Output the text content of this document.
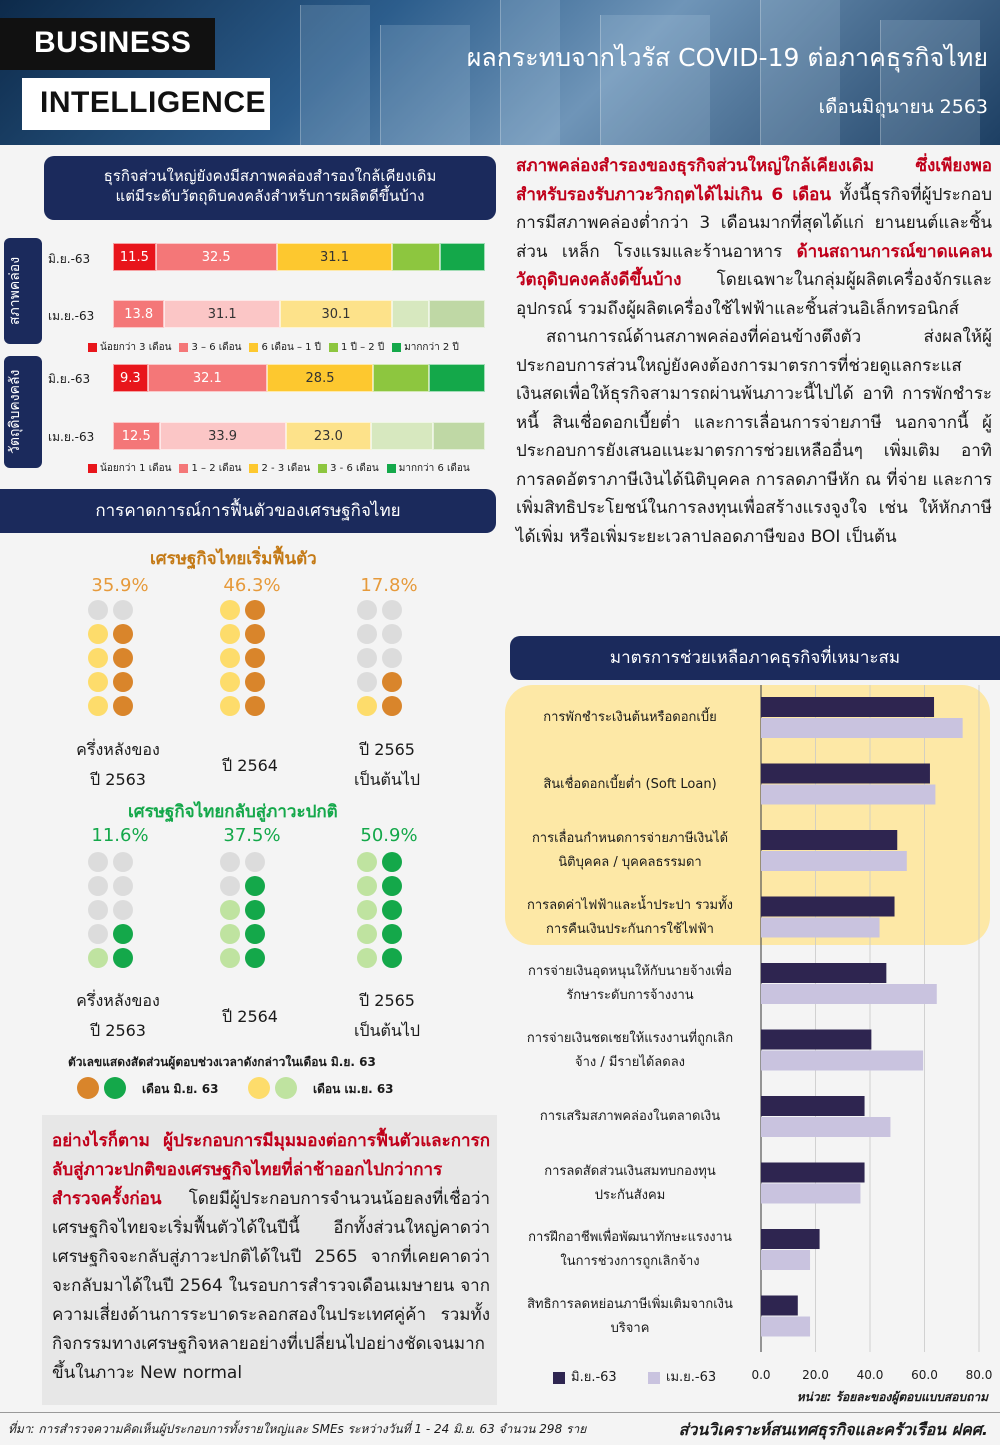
BUSINESS
INTELLIGENCE
ผลกระทบจากไวรัส COVID-19 ต่อภาคธุรกิจไทย
เดือนมิถุนายน 2563
ธุรกิจส่วนใหญ่ยังคงมีสภาพคล่องสำรองใกล้เคียงเดิม
แต่มีระดับวัตถุดิบคงคลังสำหรับการผลิตดีขึ้นบ้าง
สภาพคล่อง
วัตถุดิบคงคลัง
มิ.ย.-63
เม.ย.-63
11.5	32.5	31.1
13.8	31.1	30.1
น้อยกว่า 3 เดือน	3 – 6 เดือน	6 เดือน – 1 ปี	1 ปี – 2 ปี	มากกว่า 2 ปี
มิ.ย.-63
เม.ย.-63
9.3	32.1	28.5
12.5	33.9	23.0
น้อยกว่า 1 เดือน	1 – 2 เดือน	2 - 3 เดือน	3 - 6 เดือน	มากกว่า 6 เดือน
การคาดการณ์การฟื้นตัวของเศรษฐกิจไทย
เศรษฐกิจไทยเริ่มฟื้นตัว
เศรษฐกิจไทยกลับสู่ภาวะปกติ
35.9%
ครึ่งหลังของ
ปี 2563
46.3%
ปี 2564
17.8%
ปี 2565
เป็นต้นไป
11.6%
ครึ่งหลังของ
ปี 2563
37.5%
ปี 2564
50.9%
ปี 2565
เป็นต้นไป
ตัวเลขแสดงสัดส่วนผู้ตอบช่วงเวลาดังกล่าวในเดือน มิ.ย. 63
เดือน มิ.ย. 63	เดือน เม.ย. 63
อย่างไรก็ตาม ผู้ประกอบการมีมุมมองต่อการฟื้นตัวและการกลับสู่ภาวะปกติของเศรษฐกิจไทยที่ล่าช้าออกไปกว่าการสำรวจครั้งก่อน โดยมีผู้ประกอบการจำนวนน้อยลงที่เชื่อว่าเศรษฐกิจไทยจะเริ่มฟื้นตัวได้ในปีนี้ อีกทั้งส่วนใหญ่คาดว่าเศรษฐกิจจะกลับสู่ภาวะปกติได้ในปี 2565 จากที่เคยคาดว่าจะกลับมาได้ในปี 2564 ในรอบการสำรวจเดือนเมษายน จากความเสี่ยงด้านการระบาดระลอกสองในประเทศคู่ค้า รวมทั้งกิจกรรมทางเศรษฐกิจหลายอย่างที่เปลี่ยนไปอย่างชัดเจนมากขึ้นในภาวะ New normal

สภาพคล่องสำรองของธุรกิจส่วนใหญ่ใกล้เคียงเดิม ซึ่งเพียงพอสำหรับรองรับภาวะวิกฤตได้ไม่เกิน 6 เดือน ทั้งนี้ธุรกิจที่ผู้ประกอบการมีสภาพคล่องต่ำกว่า 3 เดือนมากที่สุดได้แก่ ยานยนต์และชิ้นส่วน เหล็ก โรงแรมและร้านอาหาร ด้านสถานการณ์ขาดแคลนวัตถุดิบคงคลังดีขึ้นบ้าง โดยเฉพาะในกลุ่มผู้ผลิตเครื่องจักรและอุปกรณ์ รวมถึงผู้ผลิตเครื่องใช้ไฟฟ้าและชิ้นส่วนอิเล็กทรอนิกส์

สถานการณ์ด้านสภาพคล่องที่ค่อนข้างตึงตัว ส่งผลให้ผู้ประกอบการส่วนใหญ่ยังคงต้องการมาตรการที่ช่วยดูแลกระแสเงินสดเพื่อให้ธุรกิจสามารถผ่านพ้นภาวะนี้ไปได้ อาทิ การพักชำระหนี้ สินเชื่อดอกเบี้ยต่ำ และการเลื่อนการจ่ายภาษี นอกจากนี้ ผู้ประกอบการยังเสนอแนะมาตรการช่วยเหลืออื่นๆ เพิ่มเติม อาทิ การลดอัตราภาษีเงินได้นิติบุคคล การลดภาษีหัก ณ ที่จ่าย และการเพิ่มสิทธิประโยชน์ในการลงทุนเพื่อสร้างแรงจูงใจ เช่น ให้หักภาษีได้เพิ่ม หรือเพิ่มระยะเวลาปลอดภาษีของ BOI เป็นต้น

มาตรการช่วยเหลือภาคธุรกิจที่เหมาะสม
การพักชำระเงินต้นหรือดอกเบี้ย
สินเชื่อดอกเบี้ยต่ำ (Soft Loan)
การเลื่อนกำหนดการจ่ายภาษีเงินได้
นิติบุคคล / บุคคลธรรมดา
การลดค่าไฟฟ้าและน้ำประปา รวมทั้ง
การคืนเงินประกันการใช้ไฟฟ้า
การจ่ายเงินอุดหนุนให้กับนายจ้างเพื่อ
รักษาระดับการจ้างงาน
การจ่ายเงินชดเชยให้แรงงานที่ถูกเลิก
จ้าง / มีรายได้ลดลง
การเสริมสภาพคล่องในตลาดเงิน
การลดสัดส่วนเงินสมทบกองทุน
ประกันสังคม
การฝึกอาชีพเพื่อพัฒนาทักษะแรงงาน
ในการช่วงการถูกเลิกจ้าง
สิทธิการลดหย่อนภาษีเพิ่มเติมจากเงิน
บริจาค
0.0	20.0	40.0	60.0	80.0
มิ.ย.-63	เม.ย.-63
หน่วย: ร้อยละของผู้ตอบแบบสอบถาม
ที่มา: การสำรวจความคิดเห็นผู้ประกอบการทั้งรายใหญ่และ SMEs ระหว่างวันที่ 1 - 24 มิ.ย. 63 จำนวน 298 ราย	ส่วนวิเคราะห์สนเทศธุรกิจและครัวเรือน ฝคศ.
